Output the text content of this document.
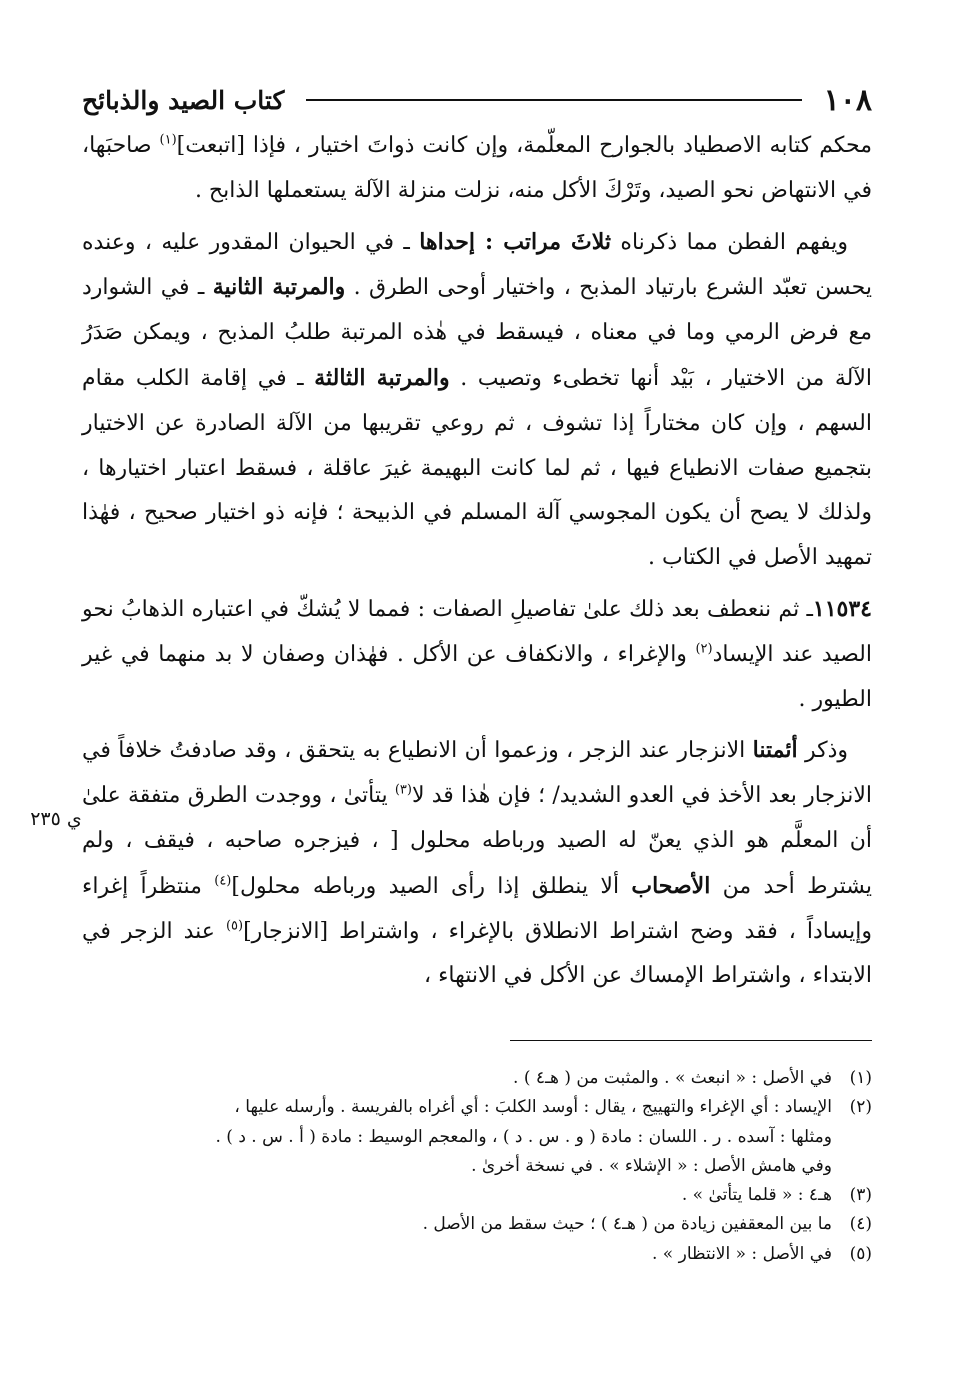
١٠٨
كتاب الصيد والذبائح

محكم كتابه الاصطياد بالجوارح المعلّمة، وإن كانت ذواتَ اختيار ، فإذا [اتبعت]$^{(١)}$ صاحبَها، في الانتهاض نحو الصيد، وتَرْكَ الأكل منه، نزلت منزلة الآلة يستعملها الذابح .

ويفهم الفطن مما ذكرناه ثلاثَ مراتب : إحداها ـ في الحيوان المقدور عليه ، وعنده يحسن تعبّد الشرع بارتياد المذبح ، واختيار أوحى الطرق . والمرتبة الثانية ـ في الشوارد مع فرض الرمي وما في معناه ، فيسقط في هٰذه المرتبة طلبُ المذبح ، ويمكن صَدَرُ الآلة من الاختيار ، بَيْد أنها تخطىء وتصيب . والمرتبة الثالثة ـ في إقامة الكلب مقام السهم ، وإن كان مختاراً إذا تشوف ، ثم روعي تقريبها من الآلة الصادرة عن الاختيار بتجميع صفات الانطياع فيها ، ثم لما كانت البهيمة غيرَ عاقلة ، فسقط اعتبار اختيارها ، ولذلك لا يصح أن يكون المجوسي آلة المسلم في الذبيحة ؛ فإنه ذو اختيار صحيح ، فهٰذا تمهيد الأصل في الكتاب .

١١٥٣٤ـ ثم ننعطف بعد ذلك علىٰ تفاصيلِ الصفات : فمما لا يُشكّ في اعتباره الذهابُ نحو الصيد عند الإيساد$^{(٢)}$ والإغراء ، والانكفاف عن الأكل . فهٰذان وصفان لا بد منهما في غير الطيور .

وذكر أئمتنا الانزجار عند الزجر ، وزعموا أن الانطياع به يتحقق ، وقد صادفتُ خلافاً في الانزجار بعد الأخذ في العدو الشديد/ ؛ فإن هٰذا قد لا$^{(٣)}$ يتأتىٰ ، ووجدت الطرق متفقة علىٰ أن المعلَّم هو الذي يعنّ له الصيد ورباطه محلول [ ، فيزجره صاحبه ، فيقف ، ولم يشترط أحد من الأصحاب ألا ينطلق إذا رأى الصيد ورباطه محلول]$^{(٤)}$ منتظراً إغراء وإيساداً ، فقد وضح اشتراط الانطلاق بالإغراء ، واشتراط [الانزجار]$^{(٥)}$ عند الزجر في الابتداء ، واشتراط الإمساك عن الأكل في الانتهاء ،

ي ٢٣٥
(١)
في الأصل : « انبعث » . والمثبت من ( هـ٤ ) .
(٢)
الإيساد : أي الإغراء والتهييج ، يقال : أوسد الكلبَ : أي أغراه بالفريسة . وأرسله عليها ،
ومثلها : آسده . ر . اللسان : مادة ( و . س . د ) ، والمعجم الوسيط : مادة ( أ . س . د ) .
وفي هامش الأصل : « الإشلاء » . في نسخة أخرىٰ .
(٣)
هـ٤ : « قلما يتأتىٰ » .
(٤)
ما بين المعقفين زيادة من ( هـ٤ ) ؛ حيث سقط من الأصل .
(٥)
في الأصل : « الانتظار » .
